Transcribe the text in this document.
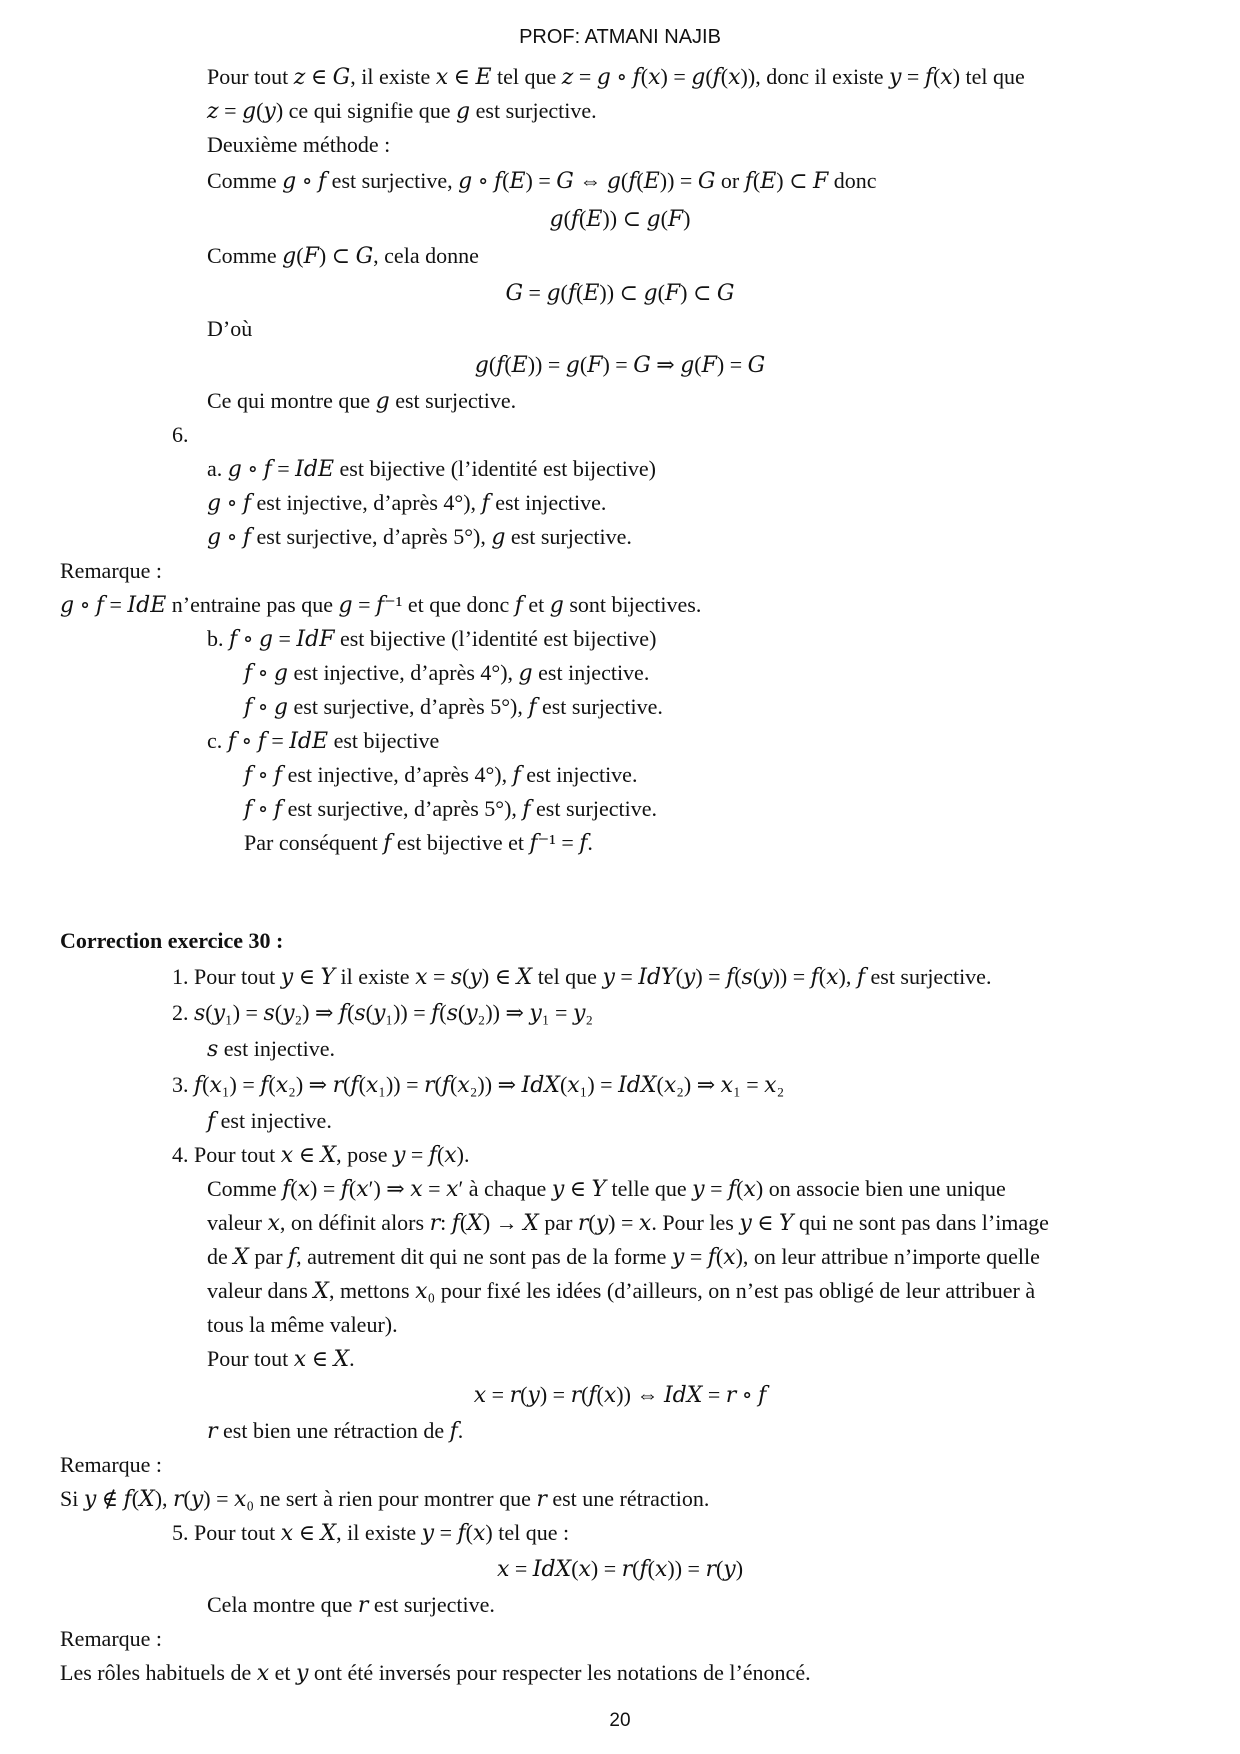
PROF: ATMANI NAJIB
Pour tout 𝑧 ∈ 𝐺, il existe 𝑥 ∈ 𝐸 tel que 𝑧 = 𝑔 ∘ 𝑓(𝑥) = 𝑔(𝑓(𝑥)), donc il existe 𝑦 = 𝑓(𝑥) tel que
𝑧 = 𝑔(𝑦) ce qui signifie que 𝑔 est surjective.
Deuxième méthode :
Comme 𝑔 ∘ 𝑓 est surjective, 𝑔 ∘ 𝑓(𝐸) = 𝐺 ⇔ 𝑔(𝑓(𝐸)) = 𝐺 or 𝑓(𝐸) ⊂ 𝐹 donc
𝑔(𝑓(𝐸)) ⊂ 𝑔(𝐹)
Comme 𝑔(𝐹) ⊂ 𝐺, cela donne
𝐺 = 𝑔(𝑓(𝐸)) ⊂ 𝑔(𝐹) ⊂ 𝐺
D’où
𝑔(𝑓(𝐸)) = 𝑔(𝐹) = 𝐺 ⇒ 𝑔(𝐹) = 𝐺
Ce qui montre que 𝑔 est surjective.
6.
a. 𝑔 ∘ 𝑓 = 𝐼𝑑𝐸 est bijective (l’identité est bijective)
𝑔 ∘ 𝑓 est injective, d’après 4°), 𝑓 est injective.
𝑔 ∘ 𝑓 est surjective, d’après 5°), 𝑔 est surjective.
Remarque :
𝑔 ∘ 𝑓 = 𝐼𝑑𝐸 n’entraine pas que 𝑔 = 𝑓⁻¹ et que donc 𝑓 et 𝑔 sont bijectives.
b. 𝑓 ∘ 𝑔 = 𝐼𝑑𝐹 est bijective (l’identité est bijective)
𝑓 ∘ 𝑔 est injective, d’après 4°), 𝑔 est injective.
𝑓 ∘ 𝑔 est surjective, d’après 5°), 𝑓 est surjective.
c. 𝑓 ∘ 𝑓 = 𝐼𝑑𝐸 est bijective
𝑓 ∘ 𝑓 est injective, d’après 4°), 𝑓 est injective.
𝑓 ∘ 𝑓 est surjective, d’après 5°), 𝑓 est surjective.
Par conséquent 𝑓 est bijective et 𝑓⁻¹ = 𝑓.
Correction exercice 30 :
1. Pour tout 𝑦 ∈ 𝑌 il existe 𝑥 = 𝑠(𝑦) ∈ 𝑋 tel que 𝑦 = 𝐼𝑑𝑌(𝑦) = 𝑓(𝑠(𝑦)) = 𝑓(𝑥), 𝑓 est surjective.
2. 𝑠(𝑦₁) = 𝑠(𝑦₂) ⇒ 𝑓(𝑠(𝑦₁)) = 𝑓(𝑠(𝑦₂)) ⇒ 𝑦₁ = 𝑦₂
𝑠 est injective.
3. 𝑓(𝑥₁) = 𝑓(𝑥₂) ⇒ 𝑟(𝑓(𝑥₁)) = 𝑟(𝑓(𝑥₂)) ⇒ 𝐼𝑑𝑋(𝑥₁) = 𝐼𝑑𝑋(𝑥₂) ⇒ 𝑥₁ = 𝑥₂
𝑓 est injective.
4. Pour tout 𝑥 ∈ 𝑋, pose 𝑦 = 𝑓(𝑥).
Comme 𝑓(𝑥) = 𝑓(𝑥′) ⇒ 𝑥 = 𝑥′ à chaque 𝑦 ∈ 𝑌 telle que 𝑦 = 𝑓(𝑥) on associe bien une unique
valeur 𝑥, on définit alors 𝑟: 𝑓(𝑋) → 𝑋 par 𝑟(𝑦) = 𝑥. Pour les 𝑦 ∈ 𝑌 qui ne sont pas dans l’image
de 𝑋 par 𝑓, autrement dit qui ne sont pas de la forme 𝑦 = 𝑓(𝑥), on leur attribue n’importe quelle
valeur dans 𝑋, mettons 𝑥₀ pour fixé les idées (d’ailleurs, on n’est pas obligé de leur attribuer à
tous la même valeur).
Pour tout 𝑥 ∈ 𝑋.
𝑥 = 𝑟(𝑦) = 𝑟(𝑓(𝑥)) ⇔ 𝐼𝑑𝑋 = 𝑟 ∘ 𝑓
𝑟 est bien une rétraction de 𝑓.
Remarque :
Si 𝑦 ∉ 𝑓(𝑋), 𝑟(𝑦) = 𝑥₀ ne sert à rien pour montrer que 𝑟 est une rétraction.
5. Pour tout 𝑥 ∈ 𝑋, il existe 𝑦 = 𝑓(𝑥) tel que :
𝑥 = 𝐼𝑑𝑋(𝑥) = 𝑟(𝑓(𝑥)) = 𝑟(𝑦)
Cela montre que 𝑟 est surjective.
Remarque :
Les rôles habituels de 𝑥 et 𝑦 ont été inversés pour respecter les notations de l’énoncé.
20
